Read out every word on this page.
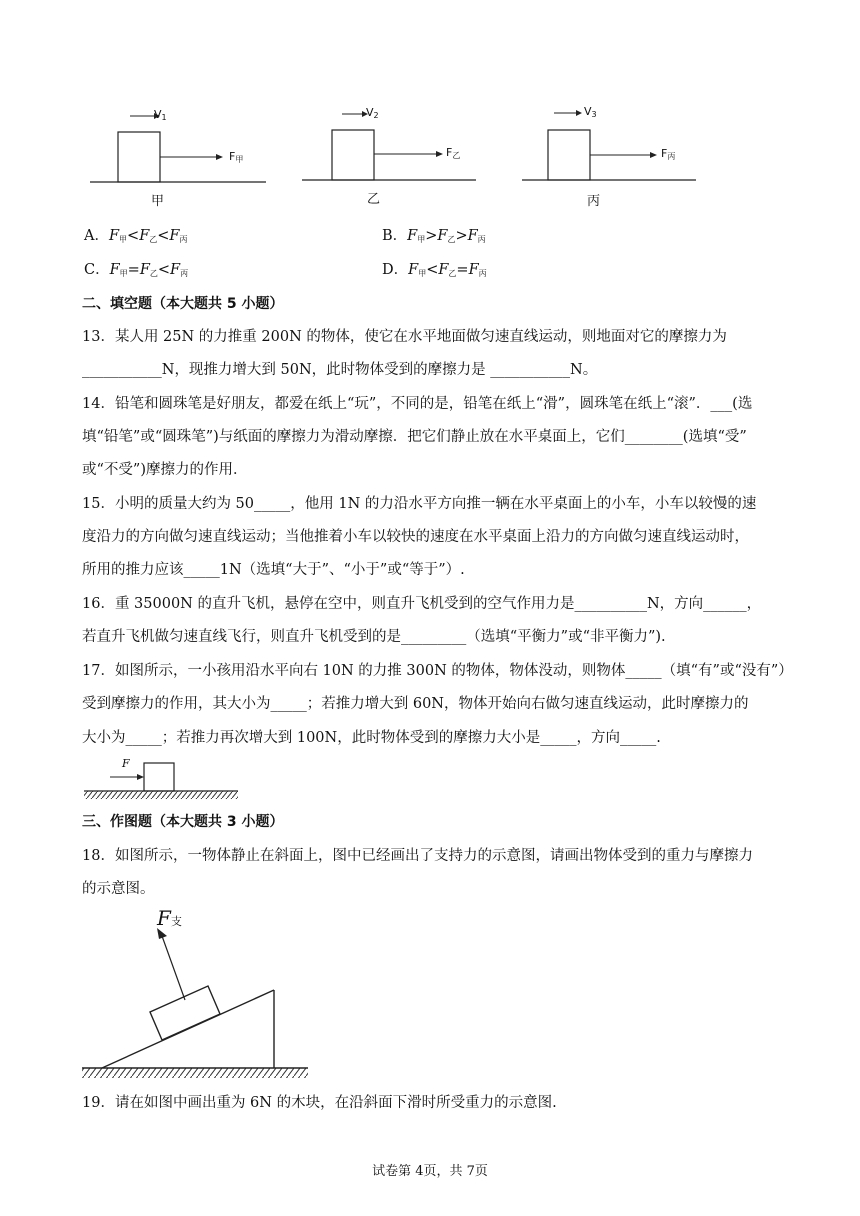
$V_1$
$F_甲$
甲
$V_2$
$F_乙$
乙
$V_3$
$F_丙$
丙
A．$F_甲<F_乙<F_丙$	B．$F_甲>F_乙>F_丙$
C．$F_甲=F_乙<F_丙$	D．$F_甲<F_乙=F_丙$
二、填空题（本大题共 5 小题）
13．某人用 25N 的力推重 200N 的物体，使它在水平地面做匀速直线运动，则地面对它的摩擦力为
___________N，现推力增大到 50N，此时物体受到的摩擦力是 ___________N。
14．铅笔和圆珠笔是好朋友，都爱在纸上“玩”，不同的是，铅笔在纸上“滑”，圆珠笔在纸上“滚”．___(选
填“铅笔”或“圆珠笔”)与纸面的摩擦力为滑动摩擦．把它们静止放在水平桌面上，它们________(选填“受”
或“不受”)摩擦力的作用．
15．小明的质量大约为 50_____，他用 1N 的力沿水平方向推一辆在水平桌面上的小车，小车以较慢的速
度沿力的方向做匀速直线运动；当他推着小车以较快的速度在水平桌面上沿力的方向做匀速直线运动时，
所用的推力应该_____1N（选填“大于”、“小于”或“等于”）.
16．重 35000N 的直升飞机，悬停在空中，则直升飞机受到的空气作用力是__________N，方向______，
若直升飞机做匀速直线飞行，则直升飞机受到的是_________（选填“平衡力”或“非平衡力”).
17．如图所示，一小孩用沿水平向右 10N 的力推 300N 的物体，物体没动，则物体_____（填“有”或“没有”）
受到摩擦力的作用，其大小为_____；若推力增大到 60N，物体开始向右做匀速直线运动，此时摩擦力的
大小为_____；若推力再次增大到 100N，此时物体受到的摩擦力大小是_____，方向_____.
F
三、作图题（本大题共 3 小题）
18．如图所示，一物体静止在斜面上，图中已经画出了支持力的示意图，请画出物体受到的重力与摩擦力
的示意图。
F支
19．请在如图中画出重为 6N 的木块，在沿斜面下滑时所受重力的示意图.
试卷第 4页，共 7页
